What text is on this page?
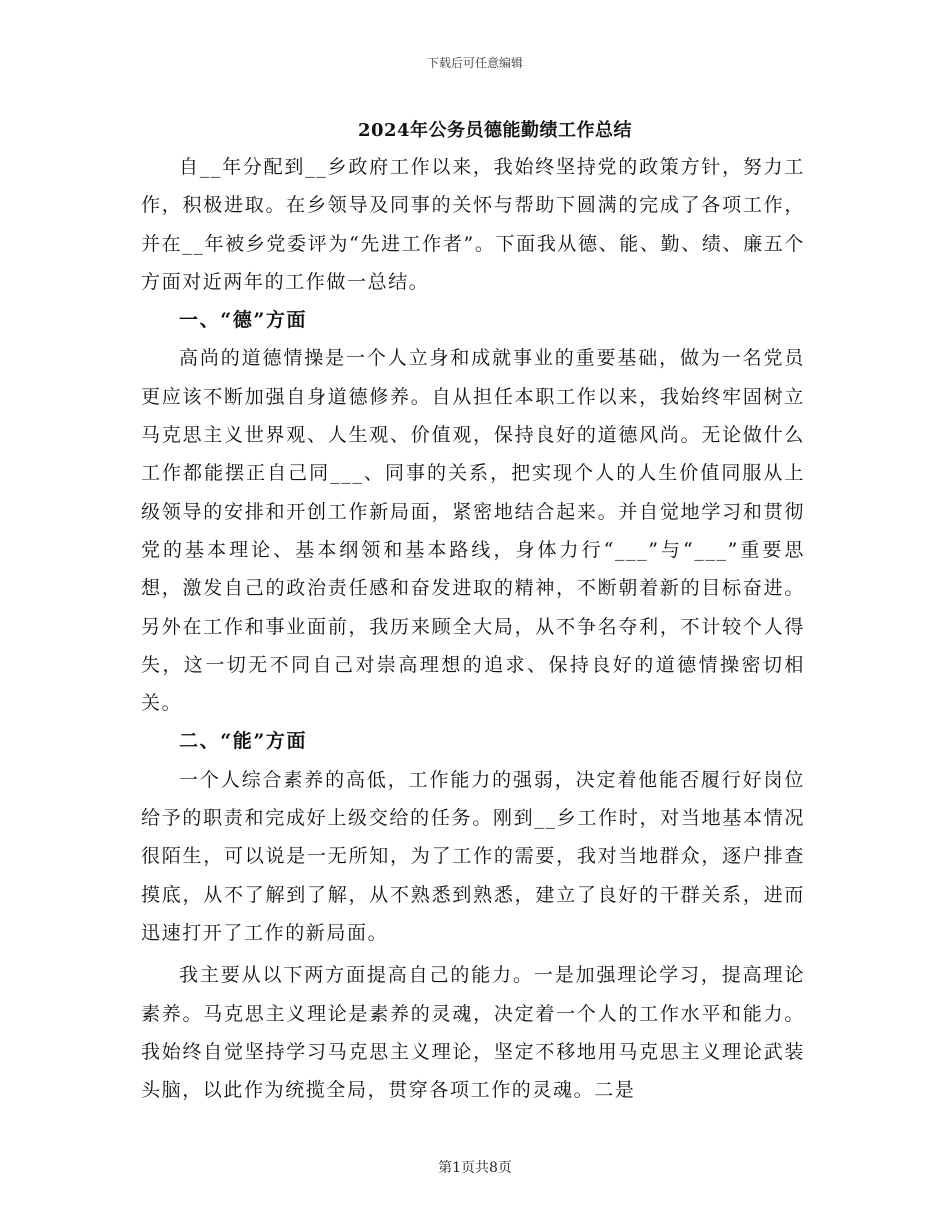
下载后可任意编辑
2024年公务员德能勤绩工作总结

自__年分配到__乡政府工作以来，我始终坚持党的政策方针，努力工作，积极进取。在乡领导及同事的关怀与帮助下圆满的完成了各项工作，并在__年被乡党委评为“先进工作者”。下面我从德、能、勤、绩、廉五个方面对近两年的工作做一总结。

一、“德”方面

高尚的道德情操是一个人立身和成就事业的重要基础，做为一名党员更应该不断加强自身道德修养。自从担任本职工作以来，我始终牢固树立马克思主义世界观、人生观、价值观，保持良好的道德风尚。无论做什么工作都能摆正自己同___、同事的关系，把实现个人的人生价值同服从上级领导的安排和开创工作新局面，紧密地结合起来。并自觉地学习和贯彻党的基本理论、基本纲领和基本路线，身体力行“___”与“___”重要思想，激发自己的政治责任感和奋发进取的精神，不断朝着新的目标奋进。另外在工作和事业面前，我历来顾全大局，从不争名夺利，不计较个人得失，这一切无不同自己对崇高理想的追求、保持良好的道德情操密切相关。

二、“能”方面

一个人综合素养的高低，工作能力的强弱，决定着他能否履行好岗位给予的职责和完成好上级交给的任务。刚到__乡工作时，对当地基本情况很陌生，可以说是一无所知，为了工作的需要，我对当地群众，逐户排查摸底，从不了解到了解，从不熟悉到熟悉，建立了良好的干群关系，进而迅速打开了工作的新局面。

我主要从以下两方面提高自己的能力。一是加强理论学习，提高理论素养。马克思主义理论是素养的灵魂，决定着一个人的工作水平和能力。我始终自觉坚持学习马克思主义理论，坚定不移地用马克思主义理论武装头脑，以此作为统揽全局，贯穿各项工作的灵魂。二是

第1页共8页
